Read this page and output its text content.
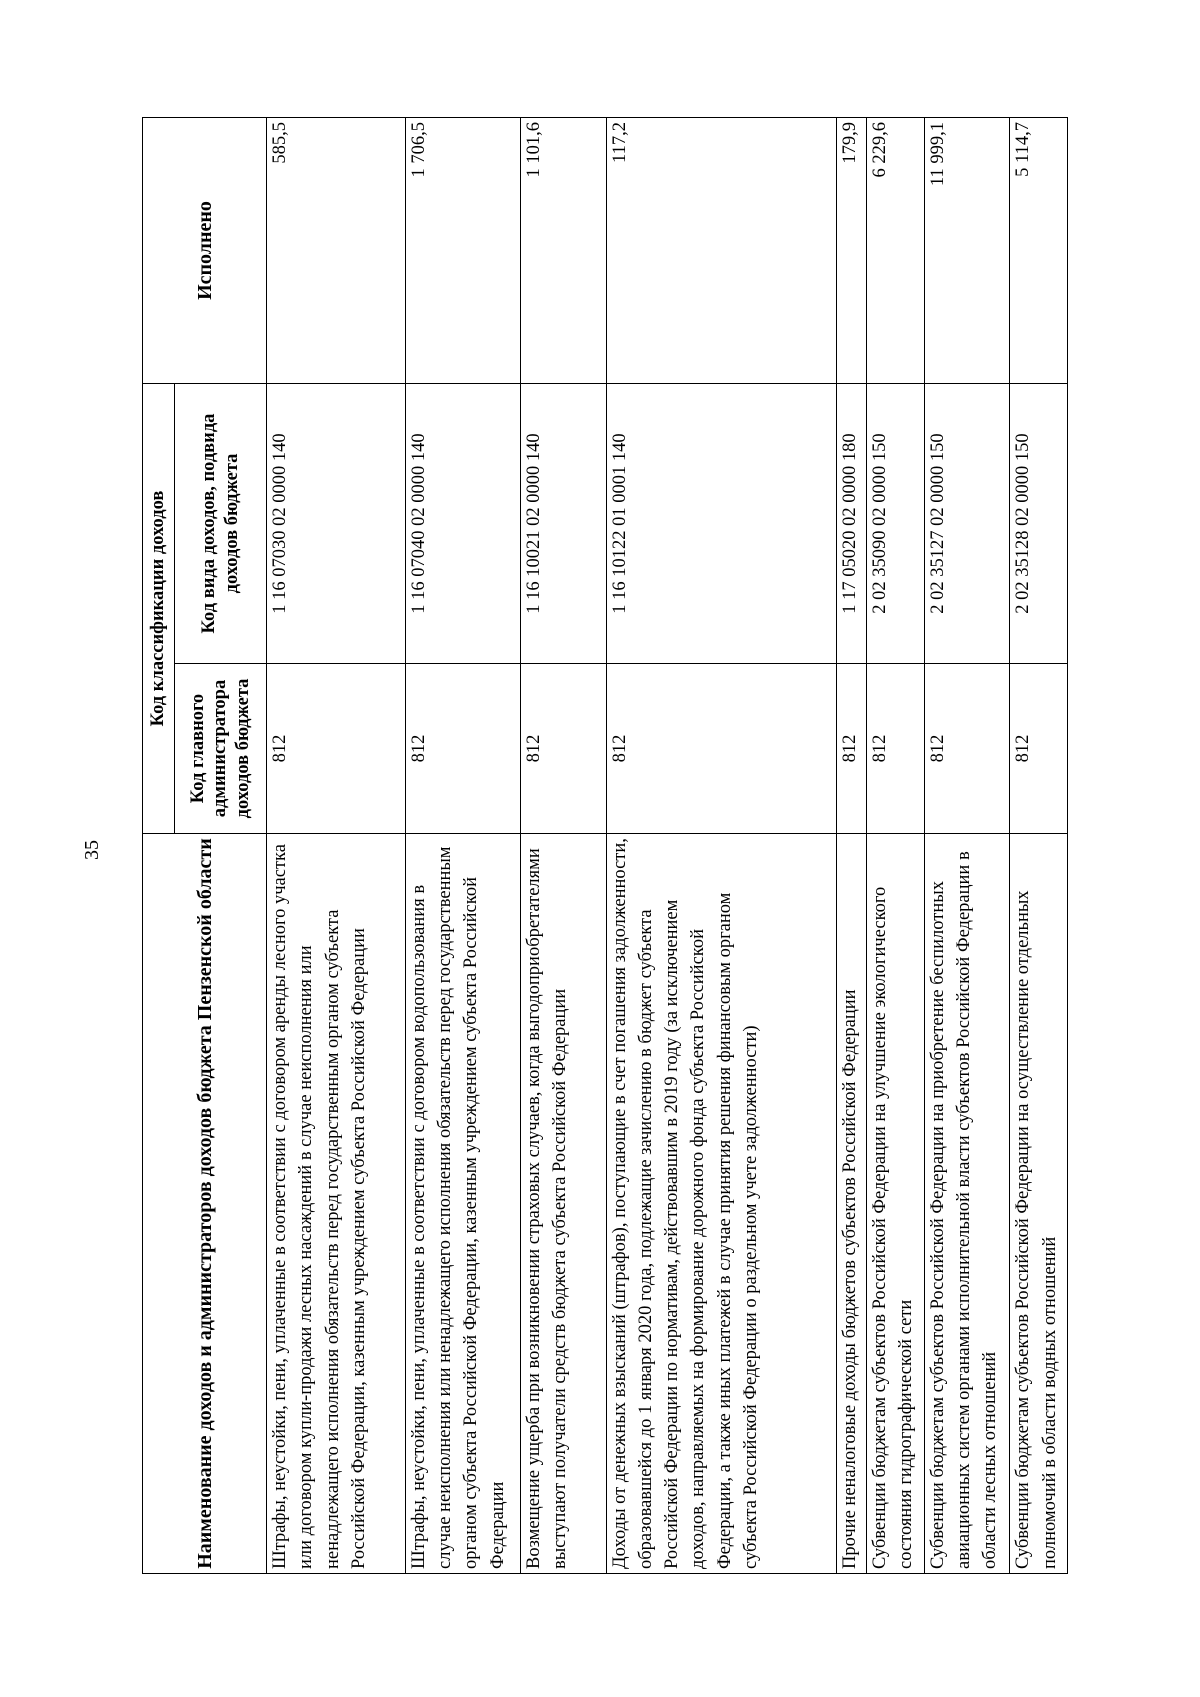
35	Наименование доходов и администраторов доходов бюджета Пензенской области	Код классификации доходов		Исполнено
	Код главного администратора доходов бюджета	Код вида доходов, подвида доходов бюджета	
Штрафы, неустойки, пени, уплаченные в соответствии с договором аренды лесного участка или договором купли-продажи лесных насаждений в случае неисполнения или ненадлежащего исполнения обязательств перед государственным органом субъекта Российской Федерации, казенным учреждением субъекта Российской Федерации	812	1 16 07030 02 0000 140	585,5
Штрафы, неустойки, пени, уплаченные в соответствии с договором водопользования в случае неисполнения или ненадлежащего исполнения обязательств перед государственным органом субъекта Российской Федерации, казенным учреждением субъекта Российской Федерации	812	1 16 07040 02 0000 140	1 706,5
Возмещение ущерба при возникновении страховых случаев, когда выгодоприобретателями выступают получатели средств бюджета субъекта Российской Федерации	812	1 16 10021 02 0000 140	1 101,6
Доходы от денежных взысканий (штрафов), поступающие в счет погашения задолженности, образовавшейся до 1 января 2020 года, подлежащие зачислению в бюджет субъекта Российской Федерации по нормативам, действовавшим в 2019 году (за исключением доходов, направляемых на формирование дорожного фонда субъекта Российской Федерации, а также иных платежей в случае принятия решения финансовым органом субъекта Российской Федерации о раздельном учете задолженности)	812	1 16 10122 01 0001 140	117,2
Прочие неналоговые доходы бюджетов субъектов Российской Федерации	812	1 17 05020 02 0000 180	179,9
Субвенции бюджетам субъектов Российской Федерации на улучшение экологического состояния гидрографической сети	812	2 02 35090 02 0000 150	6 229,6
Субвенции бюджетам субъектов Российской Федерации на приобретение беспилотных авиационных систем органами исполнительной власти субъектов Российской Федерации в области лесных отношений	812	2 02 35127 02 0000 150	11 999,1
Субвенции бюджетам субъектов Российской Федерации на осуществление отдельных полномочий в области водных отношений	812	2 02 35128 02 0000 150	5 114,7
